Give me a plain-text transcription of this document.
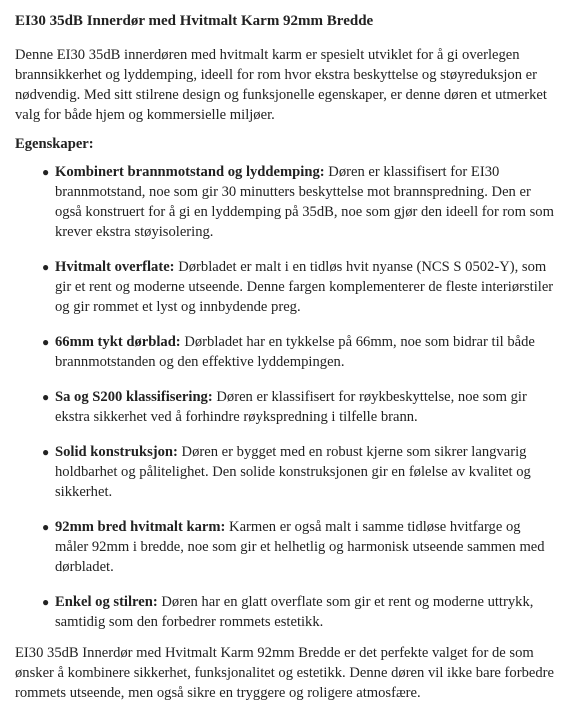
EI30 35dB Innerdør med Hvitmalt Karm 92mm Bredde

Denne EI30 35dB innerdøren med hvitmalt karm er spesielt utviklet for å gi overlegen brannsikkerhet og lyddemping, ideell for rom hvor ekstra beskyttelse og støyreduksjon er nødvendig. Med sitt stilrene design og funksjonelle egenskaper, er denne døren et utmerket valg for både hjem og kommersielle miljøer.

Egenskaper:
● Kombinert brannmotstand og lyddemping: Døren er klassifisert for EI30 brannmotstand, noe som gir 30 minutters beskyttelse mot brannspredning. Den er også konstruert for å gi en lyddemping på 35dB, noe som gjør den ideell for rom som krever ekstra støyisolering.
● Hvitmalt overflate: Dørbladet er malt i en tidløs hvit nyanse (NCS S 0502-Y), som gir et rent og moderne utseende. Denne fargen komplementerer de fleste interiørstiler og gir rommet et lyst og innbydende preg.
● 66mm tykt dørblad: Dørbladet har en tykkelse på 66mm, noe som bidrar til både brannmotstanden og den effektive lyddempingen.
● Sa og S200 klassifisering: Døren er klassifisert for røykbeskyttelse, noe som gir ekstra sikkerhet ved å forhindre røykspredning i tilfelle brann.
● Solid konstruksjon: Døren er bygget med en robust kjerne som sikrer langvarig holdbarhet og pålitelighet. Den solide konstruksjonen gir en følelse av kvalitet og sikkerhet.
● 92mm bred hvitmalt karm: Karmen er også malt i samme tidløse hvitfarge og måler 92mm i bredde, noe som gir et helhetlig og harmonisk utseende sammen med dørbladet.
● Enkel og stilren: Døren har en glatt overflate som gir et rent og moderne uttrykk, samtidig som den forbedrer rommets estetikk.

EI30 35dB Innerdør med Hvitmalt Karm 92mm Bredde er det perfekte valget for de som ønsker å kombinere sikkerhet, funksjonalitet og estetikk. Denne døren vil ikke bare forbedre rommets utseende, men også sikre en tryggere og roligere atmosfære.
